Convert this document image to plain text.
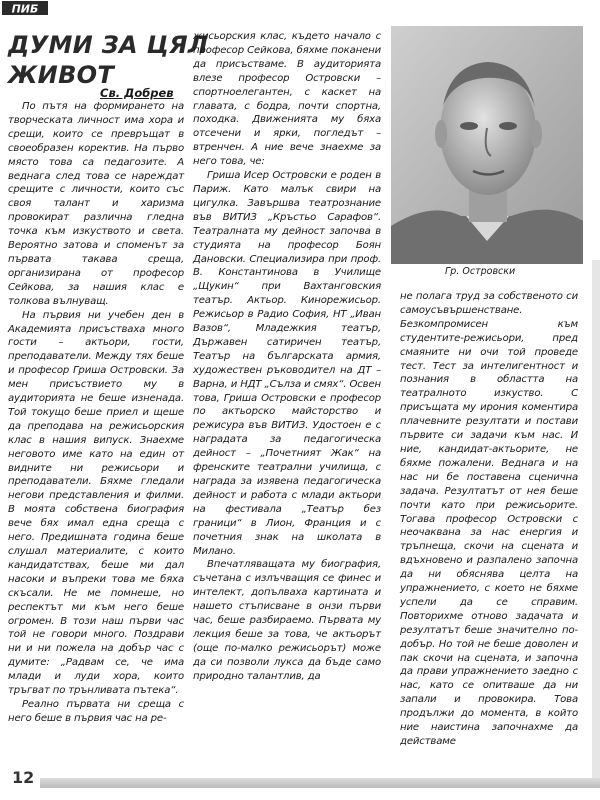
ПИБ
ДУМИ ЗА ЦЯЛ
ЖИВОТ
Св. Добрев

По пътя на формирането на творческата личност има хора и срещи, които се превръщат в своеобразен коректив. На първо място това са педагозите. А веднага след това се нареждат срещите с личности, които със своя талант и харизма провокират различна гледна точка към изкуството и света. Вероятно затова и споменът за първата такава среща, организирана от професор Сейкова, за нашия клас е толкова вълнуващ.

На първия ни учебен ден в Академията присъстваха много гости – актьори, гости, преподаватели. Между тях беше и професор Гриша Островски. За мен присъствието му в аудиторията не беше изненада. Той токущо беше приел и щеше да преподава на режисьорския клас в нашия випуск. Знаехме неговото име като на един от видните ни режисьори и преподаватели. Бяхме гледали негови представления и филми. В моята собствена биография вече бях имал една среща с него. Предишната година беше слушал материалите, с които кандидатствах, беше ми дал насоки и въпреки това ме бяха скъсали. Не ме помнеше, но респектът ми към него беше огромен. В този наш първи час той не говори много. Поздрави ни и ни пожела на добър час с думите: „Радвам се, че има млади и луди хора, които тръгват по трънливата пътека“.

Реално първата ни среща с него беше в първия час на ре-

жисьорския клас, където начало с професор Сейкова, бяхме поканени да присъстваме. В аудиторията влезе професор Островски – спортноелегантен, с каскет на главата, с бодра, почти спортна, походка. Движенията му бяха отсечени и ярки, погледът – втренчен. А ние вече знаехме за него това, че:

Гриша Исер Островски е роден в Париж. Като малък свири на цигулка. Завършва театрознание във ВИТИЗ „Кръстьо Сарафов“. Театралната му дейност започва в студията на професор Боян Дановски. Специализира при проф. В. Константинова в Училище „Щукин“ при Вахтанговския театър. Актьор. Кинорежисьор. Режисьор в Радио София, НТ „Иван Вазов“, Младежкия театър, Държавен сатиричен театър, Театър на българската армия, художествен ръководител на ДТ – Варна, и НДТ „Сълза и смях“. Освен това, Гриша Островски е професор по актьорско майсторство и режисура във ВИТИЗ. Удостоен е с наградата за педагогическа дейност – „Почетният Жак“ на френските театрални училища, с награда за изявена педагогическа дейност и работа с млади актьори на фестивала „Театър без граници“ в Лион, Франция и с почетния знак на школата в Милано.

Впечатляващата му биография, съчетана с излъчващия се финес и интелект, допълваха картината и нашето стъписване в онзи първи час, беше разбираемо. Първата му лекция беше за това, че актьорът (още по-малко режисьорът) може да си позволи лукса да бъде само природно талантлив, да

Гр. Островски

не полага труд за собственото си самоусъвършенстване. Безкомпромисен към студентите-режисьори, пред смаяните ни очи той проведе тест. Тест за интелигентност и познания в областта на театралното изкуство. С присъщата му ирония коментира плачевните резултати и постави първите си задачи към нас. И ние, кандидат-актьорите, не бяхме пожалени. Веднага и на нас ни бе поставена сценична задача. Резултатът от нея беше почти като при режисьорите. Тогава професор Островски с неочаквана за нас енергия и тръпнеща, скочи на сцената и вдъхновено и разпалено започна да ни обяснява целта на упражнението, с което не бяхме успели да се справим. Повторихме отново задачата и резултатът беше значително по-добър. Но той не беше доволен и пак скочи на сцената, и започна да прави упражнението заедно с нас, като се опитваше да ни запали и провокира. Това продължи до момента, в който ние наистина започнахме да действаме

12
